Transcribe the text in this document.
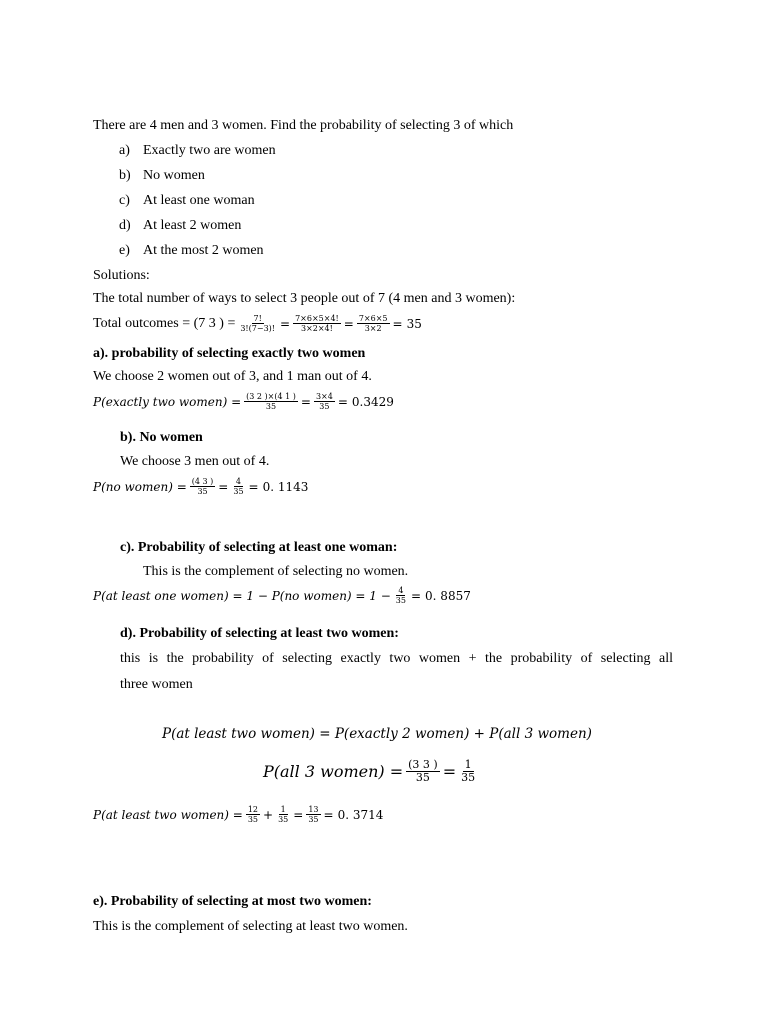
There are 4 men and 3 women. Find the probability of selecting 3 of which
a) Exactly two are women
b) No women
c) At least one woman
d) At least 2 women
e) At the most 2 women
Solutions:
The total number of ways to select 3 people out of 7 (4 men and 3 women):
Total outcomes = (7 3 ) = $\frac{7!}{3!(7-3)!} = \frac{7\times 6\times 5\times 4!}{3\times 2\times 4!} = \frac{7\times 6\times 5}{3\times 2} = 35$
a). probability of selecting exactly two women
We choose 2 women out of 3, and 1 man out of 4.
P(exactly two women) = $\frac{(3 2 )\times(4 1 )}{35} = \frac{3\times 4}{35} = 0.3429$
b). No women
We choose 3 men out of 4.
P(no women) = $\frac{(4 3 )}{35} = \frac{4}{35} = 0$. 1143
c). Probability of selecting at least one woman:
This is the complement of selecting no women.
P(at least one women) = 1 − P(no women) = $1 - \frac{4}{35} = 0$. 8857
d). Probability of selecting at least two women:
this is the probability of selecting exactly two women + the probability of selecting all
three women
P(at least two women) = P(exactly 2 women) + P(all 3 women)
P(all 3 women) = $\frac{(3 3 )}{35} = \frac{1}{35}$
P(at least two women) = $\frac{12}{35} + \frac{1}{35} = \frac{13}{35} = 0$. 3714
e). Probability of selecting at most two women:
This is the complement of selecting at least two women.
